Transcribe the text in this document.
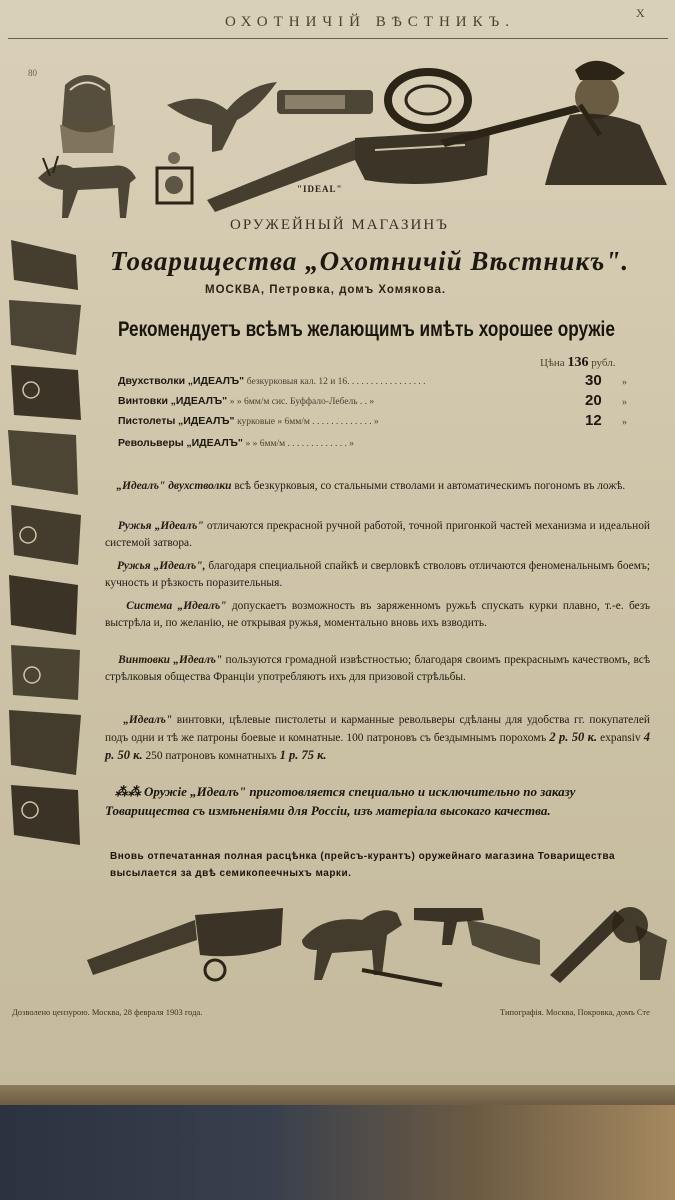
ОХОТНИЧІЙ ВѢСТНИКЪ.
X
80
"IDEAL"
ОРУЖЕЙНЫЙ МАГАЗИНЪ
Товарищества „Охотничій Вѣстникъ".
МОСКВА, Петровка, домъ Хомякова.
Рекомендуетъ всѣмъ желающимъ имѣть хорошее оружіе
Цѣна 136 рубл.
Двухстволки „ИДЕАЛЪ" безкурковыя кал. 12 и 16. . . . . . . . . . . . . . . . .
Винтовки „ИДЕАЛЪ" » » 6мм/м сис. Буффало-Лебель . . »
30 »
Пистолеты „ИДЕАЛЪ" курковые » 6мм/м . . . . . . . . . . . . . »
20 »
Револьверы „ИДЕАЛЪ" » » 6мм/м . . . . . . . . . . . . . »
12 »
„Идеалъ" двухстволки всѣ безкурковыя, со стальными стволами и автоматическимъ погономъ въ ложѣ.
Ружья „Идеалъ" отличаются прекрасной ручной работой, точной пригонкой частей механизма и идеальной системой затвора.
Ружья „Идеалъ", благодаря специальной спайкѣ и сверловкѣ стволовъ отличаются феноменальнымъ боемъ; кучность и рѣзкость поразительныя.
Система „Идеалъ" допускаетъ возможность въ заряженномъ ружьѣ спускать курки плавно, т.-е. безъ выстрѣла и, по желанію, не открывая ружья, моментально вновь ихъ взводить.
Винтовки „Идеалъ" пользуются громадной извѣстностью; благодаря своимъ прекраснымъ качествомъ, всѣ стрѣлковыя общества Франціи употребляютъ ихъ для призовой стрѣльбы.
„Идеалъ" винтовки, цѣлевые пистолеты и карманные револьверы сдѣланы для удобства гг. покупателей подъ одни и тѣ же патроны боевые и комнатные. 100 патроновъ съ бездымнымъ порохомъ 2 р. 50 к. expansiv 4 р. 50 к. 250 патроновъ комнатныхъ 1 р. 75 к.
⁂⁂ Оружіе „Идеалъ" приготовляется специально и исключительно по заказу Товарищества съ измѣненіями для Россіи, изъ матеріала высокаго качества.
Вновь отпечатанная полная расцѣнка (прейсъ-курантъ) оружейнаго магазина Товарищества высылается за двѣ семикопеечныхъ марки.
Дозволено цензурою. Москва, 28 февраля 1903 года.	Типографія. Москва, Покровка, домъ Сте
